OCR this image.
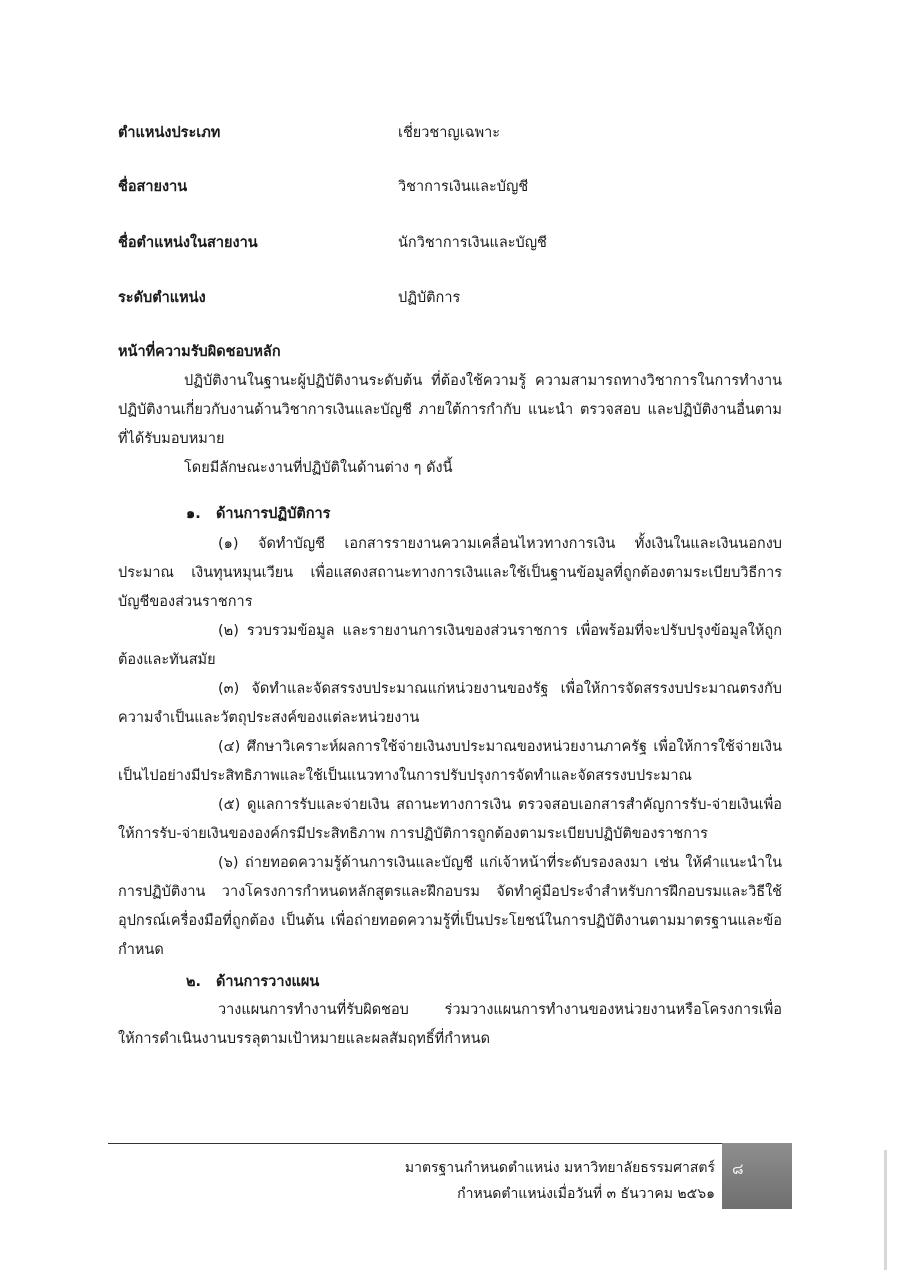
ตำแหน่งประเภท	เชี่ยวชาญเฉพาะ
ชื่อสายงาน	วิชาการเงินและบัญชี
ชื่อตำแหน่งในสายงาน	นักวิชาการเงินและบัญชี
ระดับตำแหน่ง	ปฏิบัติการ

หน้าที่ความรับผิดชอบหลัก

ปฏิบัติงานในฐานะผู้ปฏิบัติงานระดับต้น ที่ต้องใช้ความรู้ ความสามารถทางวิชาการในการทำงาน ปฏิบัติงานเกี่ยวกับงานด้านวิชาการเงินและบัญชี ภายใต้การกำกับ แนะนำ ตรวจสอบ และปฏิบัติงานอื่นตามที่ได้รับมอบหมาย

โดยมีลักษณะงานที่ปฏิบัติในด้านต่าง ๆ ดังนี้

๑. ด้านการปฏิบัติการ

(๑) จัดทำบัญชี เอกสารรายงานความเคลื่อนไหวทางการเงิน ทั้งเงินในและเงินนอกงบประมาณ เงินทุนหมุนเวียน เพื่อแสดงสถานะทางการเงินและใช้เป็นฐานข้อมูลที่ถูกต้องตามระเบียบวิธีการบัญชีของส่วนราชการ

(๒) รวบรวมข้อมูล และรายงานการเงินของส่วนราชการ เพื่อพร้อมที่จะปรับปรุงข้อมูลให้ถูกต้องและทันสมัย

(๓) จัดทำและจัดสรรงบประมาณแก่หน่วยงานของรัฐ เพื่อให้การจัดสรรงบประมาณตรงกับความจำเป็นและวัตถุประสงค์ของแต่ละหน่วยงาน

(๔) ศึกษาวิเคราะห์ผลการใช้จ่ายเงินงบประมาณของหน่วยงานภาครัฐ เพื่อให้การใช้จ่ายเงินเป็นไปอย่างมีประสิทธิภาพและใช้เป็นแนวทางในการปรับปรุงการจัดทำและจัดสรรงบประมาณ

(๕) ดูแลการรับและจ่ายเงิน สถานะทางการเงิน ตรวจสอบเอกสารสำคัญการรับ-จ่ายเงินเพื่อให้การรับ-จ่ายเงินขององค์กรมีประสิทธิภาพ การปฏิบัติการถูกต้องตามระเบียบปฏิบัติของราชการ

(๖) ถ่ายทอดความรู้ด้านการเงินและบัญชี แก่เจ้าหน้าที่ระดับรองลงมา เช่น ให้คำแนะนำในการปฏิบัติงาน วางโครงการกำหนดหลักสูตรและฝึกอบรม จัดทำคู่มือประจำสำหรับการฝึกอบรมและวิธีใช้อุปกรณ์เครื่องมือที่ถูกต้อง เป็นต้น เพื่อถ่ายทอดความรู้ที่เป็นประโยชน์ในการปฏิบัติงานตามมาตรฐานและข้อกำหนด

๒. ด้านการวางแผน

วางแผนการทำงานที่รับผิดชอบ ร่วมวางแผนการทำงานของหน่วยงานหรือโครงการเพื่อให้การดำเนินงานบรรลุตามเป้าหมายและผลสัมฤทธิ์ที่กำหนด

มาตรฐานกำหนดตำแหน่ง มหาวิทยาลัยธรรมศาสตร์
กำหนดตำแหน่งเมื่อวันที่ ๓ ธันวาคม ๒๕๖๑
๘
